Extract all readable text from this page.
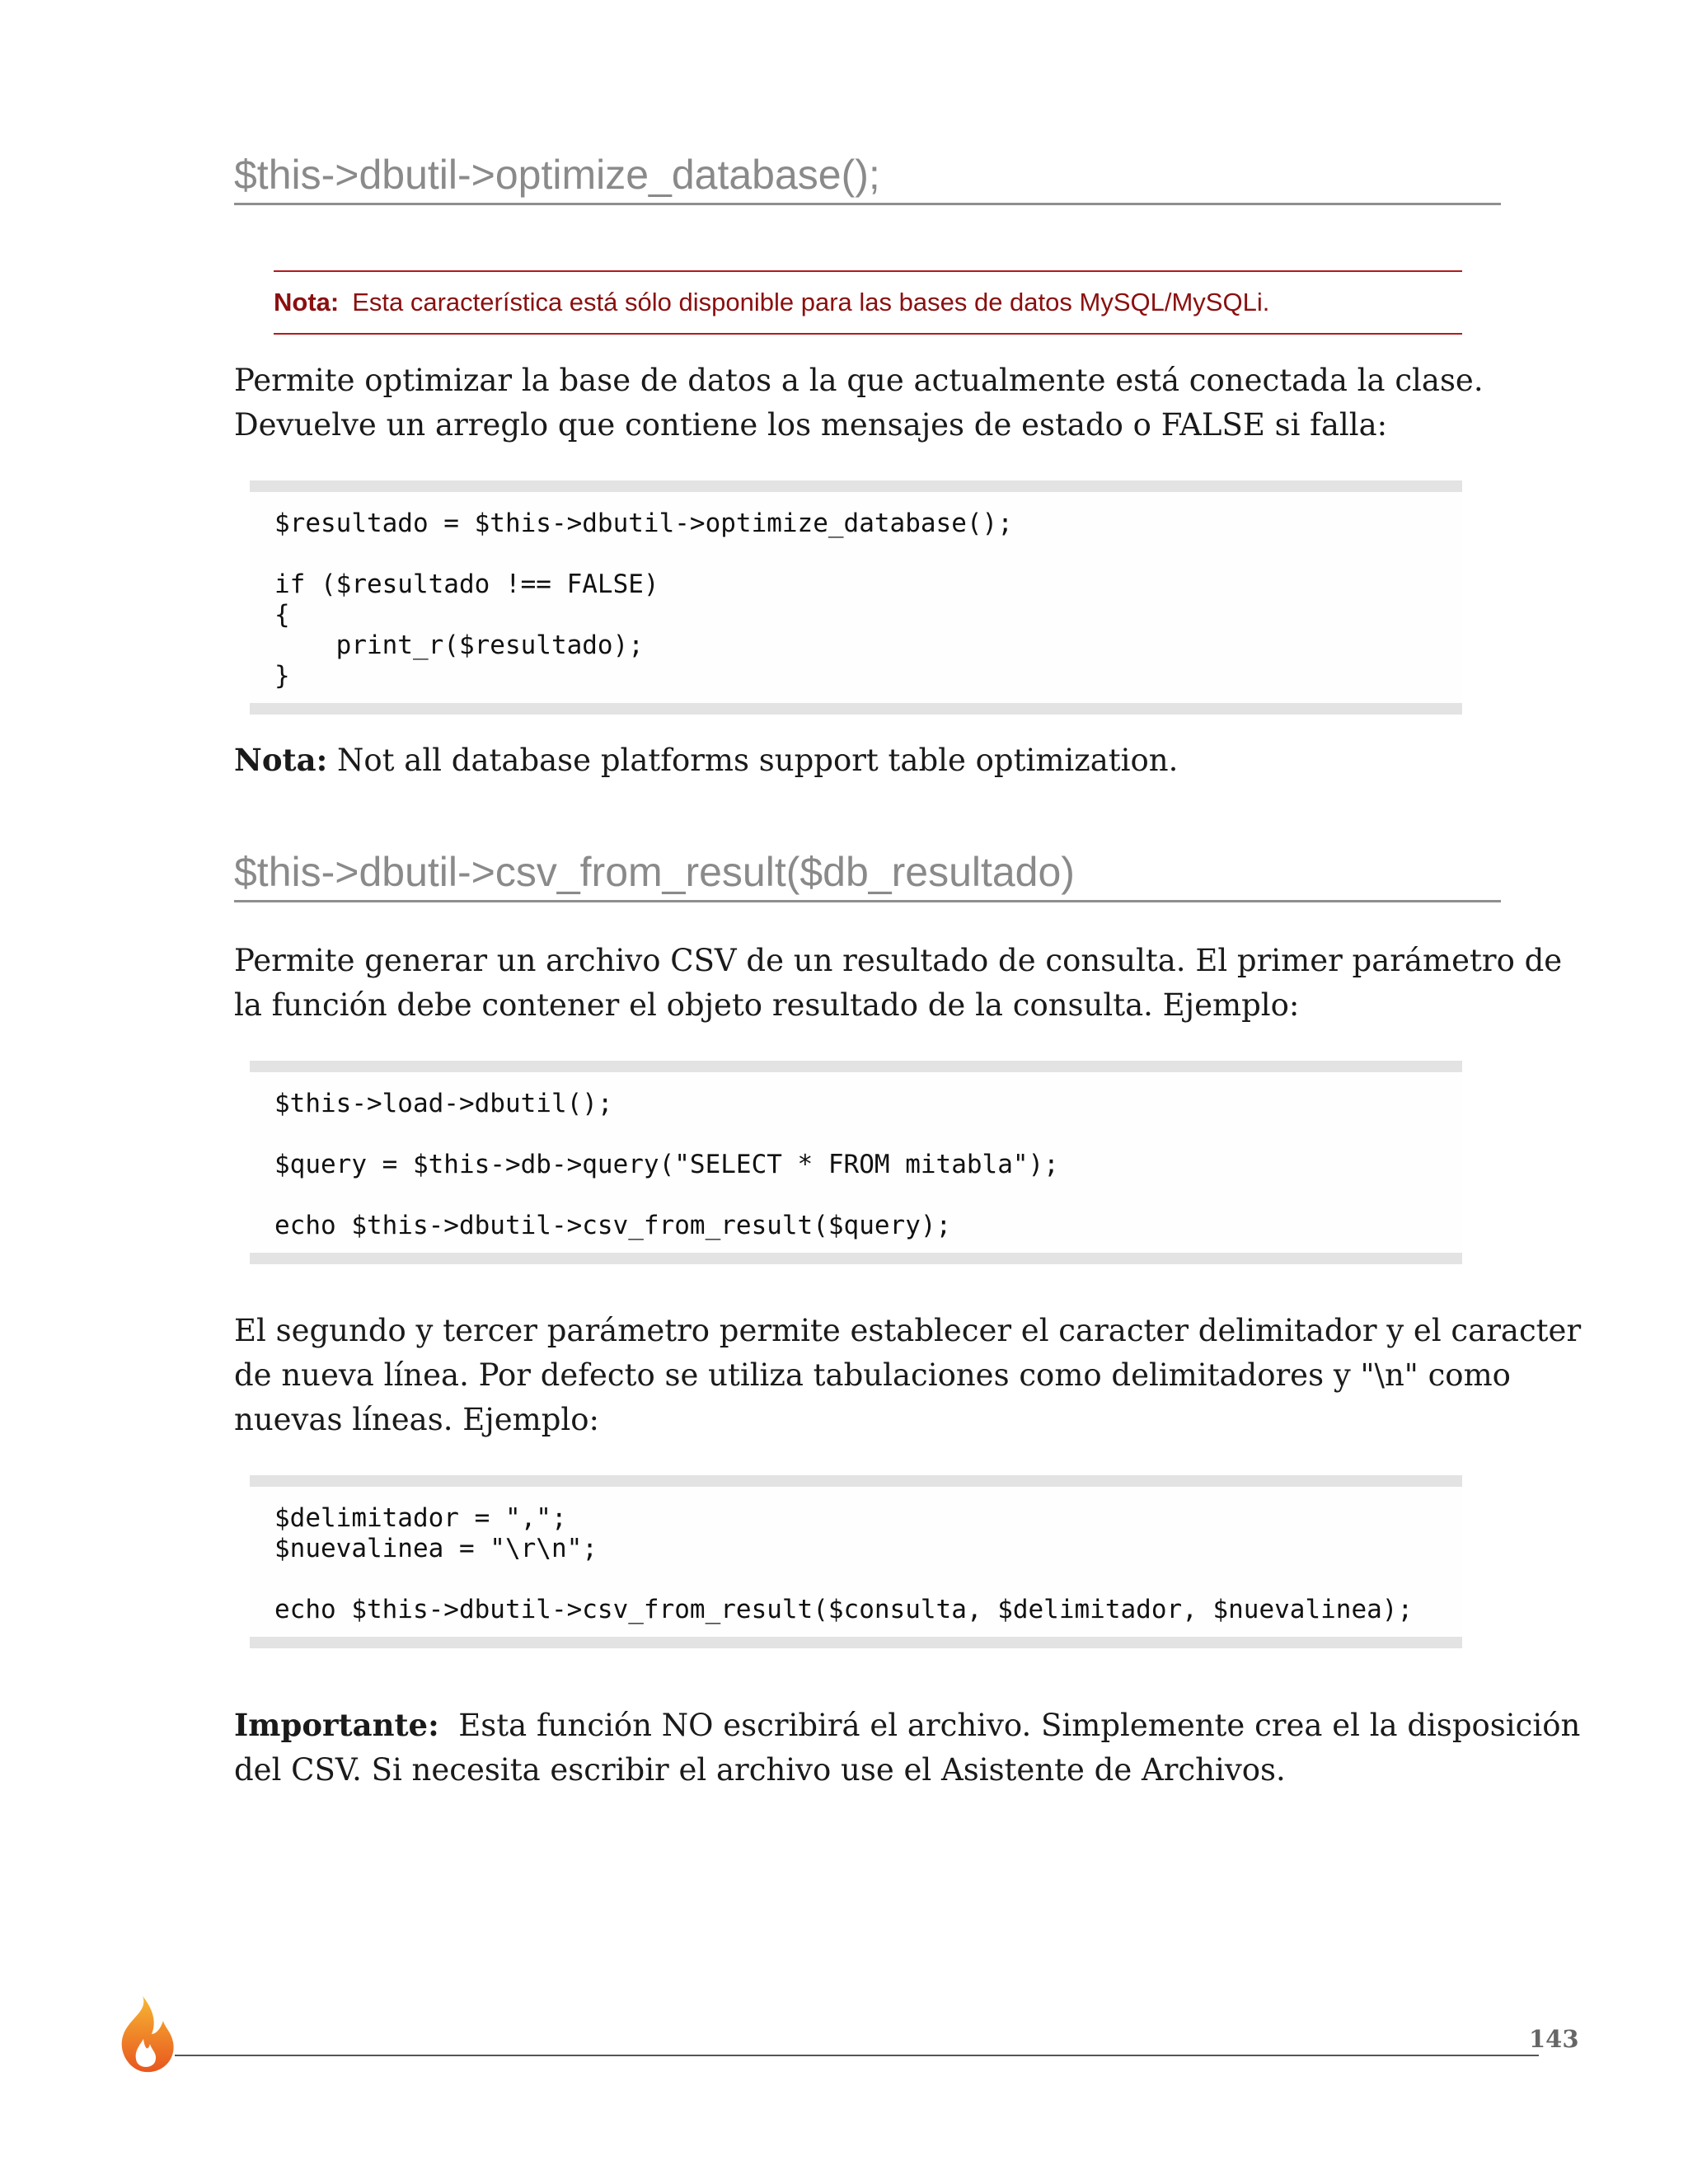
$this->dbutil->optimize_database();
Nota: Esta característica está sólo disponible para las bases de datos MySQL/MySQLi.

Permite optimizar la base de datos a la que actualmente está conectada la clase.

Devuelve un arreglo que contiene los mensajes de estado o FALSE si falla:

$resultado = $this->dbutil->optimize_database();

if ($resultado !== FALSE)
{
print_r($resultado);
}

Nota: Not all database platforms support table optimization.

$this->dbutil->csv_from_result($db_resultado)

Permite generar un archivo CSV de un resultado de consulta. El primer parámetro de

la función debe contener el objeto resultado de la consulta. Ejemplo:

$this->load->dbutil();

$query = $this->db->query("SELECT * FROM mitabla");

echo $this->dbutil->csv_from_result($query);

El segundo y tercer parámetro permite establecer el caracter delimitador y el caracter

de nueva línea. Por defecto se utiliza tabulaciones como delimitadores y "\n" como

nuevas líneas. Ejemplo:

$delimitador = ",";
$nuevalinea = "\r\n";

echo $this->dbutil->csv_from_result($consulta, $delimitador, $nuevalinea);

Importante: Esta función NO escribirá el archivo. Simplemente crea el la disposición

del CSV. Si necesita escribir el archivo use el Asistente de Archivos.

143
